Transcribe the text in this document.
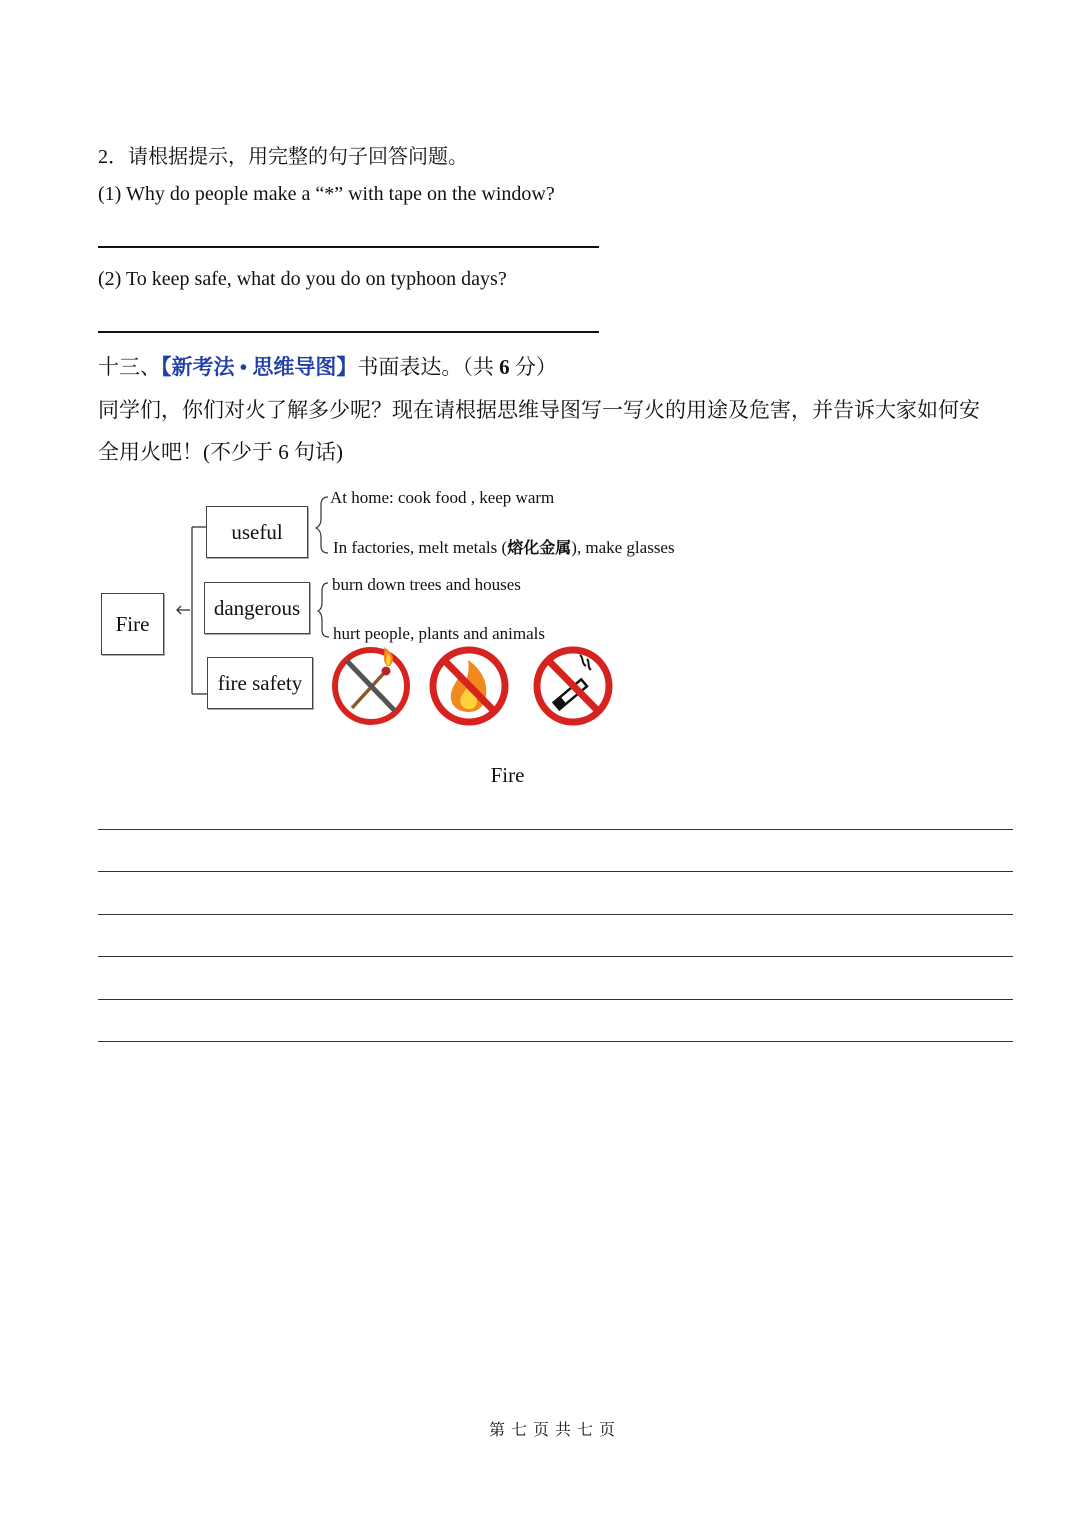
2．请根据提示，用完整的句子回答问题。
(1) Why do people make a “*” with tape on the window?
(2) To keep safe, what do you do on typhoon days?
十三、【新考法 • 思维导图】书面表达。（共 6 分）
同学们，你们对火了解多少呢？现在请根据思维导图写一写火的用途及危害，并告诉大家如何安
全用火吧！(不少于 6 句话)
Fire
useful
dangerous
fire safety
At home: cook food , keep warm
In factories, melt metals (熔化金属), make glasses
burn down trees and houses
hurt people, plants and animals
Fire
第七页共七页
